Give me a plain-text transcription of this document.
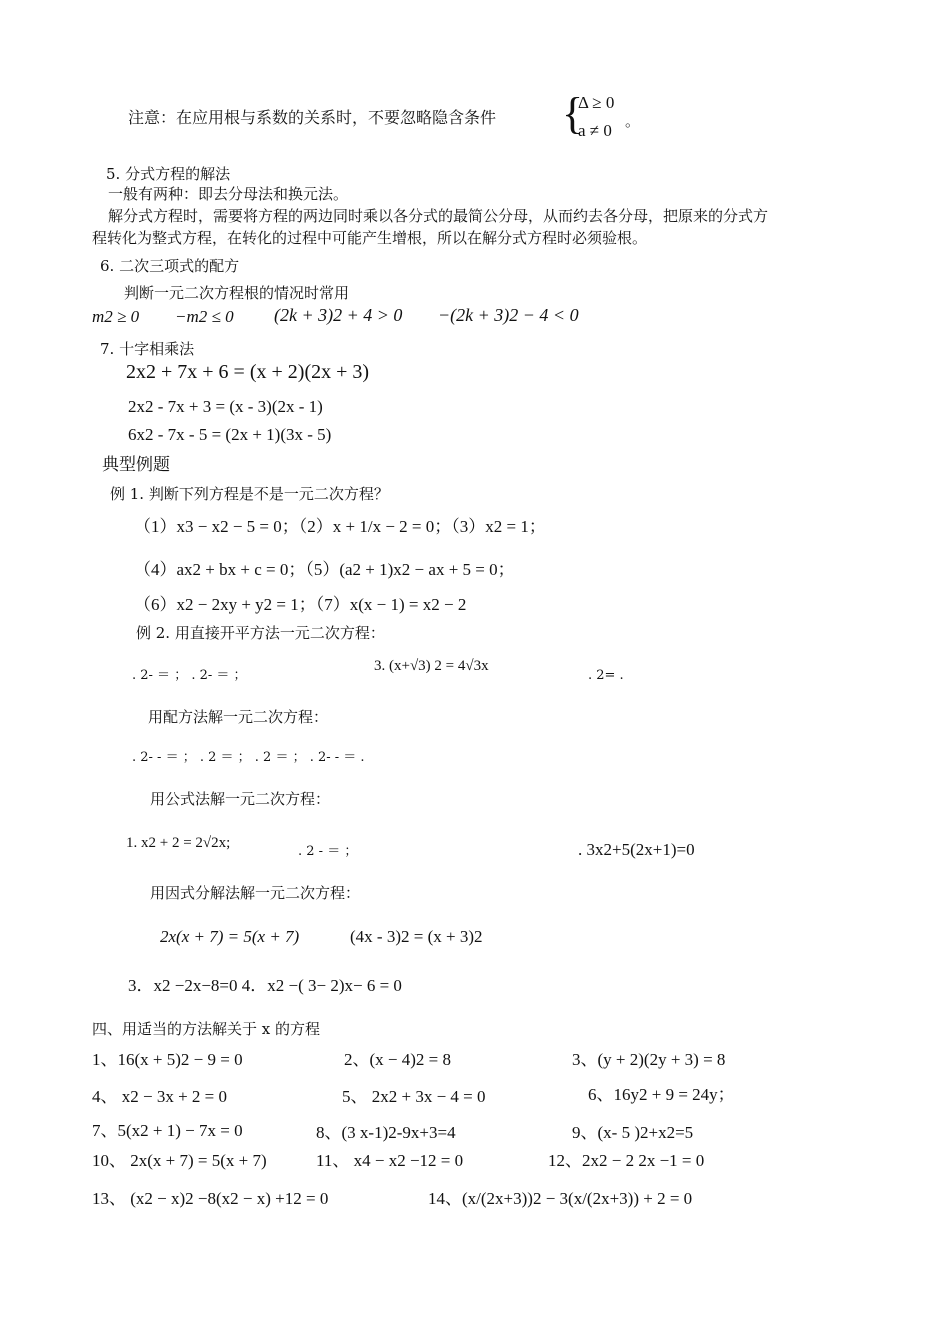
注意：在应用根与系数的关系时，不要忽略隐含条件 {
Δ ≥ 0
a ≠ 0 。
5. 分式方程的解法
一般有两种：即去分母法和换元法。
解分式方程时，需要将方程的两边同时乘以各分式的最简公分母，从而约去各分母，把原来的分式方
程转化为整式方程，在转化的过程中可能产生增根，所以在解分式方程时必须验根。
6. 二次三项式的配方
判断一元二次方程根的情况时常用
m2 ≥ 0 −m2 ≤ 0 (2k + 3)2 + 4 > 0 −(2k + 3)2 − 4 < 0
7. 十字相乘法
2x2 + 7x + 6 = (x + 2)(2x + 3)
2x2 - 7x + 3 = (x - 3)(2x - 1)
6x2 - 7x - 5 = (2x + 1)(3x - 5)
典型例题
例 1. 判断下列方程是不是一元二次方程？
（1）x3 − x2 − 5 = 0；（2）x + 1/x − 2 = 0；（3）x2 = 1；
（4）ax2 + bx + c = 0；（5）(a2 + 1)x2 − ax + 5 = 0；
（6）x2 − 2xy + y2 = 1；（7）x(x − 1) = x2 − 2
例 2. 用直接开平方法一元二次方程：
. 2- ＝ ； . 2- ＝ ；
3. (x+√3) 2 = 4√3x
. 2= .
用配方法解一元二次方程：
. 2- - ＝ ； . 2 ＝ ； . 2 ＝ ； . 2- - ＝ .
用公式法解一元二次方程：
1. x2 + 2 = 2√2x;
. 2 - ＝ ；	. 3x2+5(2x+1)=0
用因式分解法解一元二次方程：
2x(x + 7) = 5(x + 7)	(4x - 3)2 = (x + 3)2
3．x2 −2x−8=0 4．x2 −( 3− 2)x− 6 = 0
四、用适当的方法解关于 x 的方程
1、16(x + 5)2 − 9 = 0	2、(x − 4)2 = 8	3、(y + 2)(2y + 3) = 8
4、 x2 − 3x + 2 = 0	5、 2x2 + 3x − 4 = 0	6、16y2 + 9 = 24y；
7、5(x2 + 1) − 7x = 0	8、(3 x-1)2-9x+3=4	9、(x- 5 )2+x2=5
10、 2x(x + 7) = 5(x + 7)	11、 x4 − x2 −12 = 0	12、2x2 − 2 2x −1 = 0
13、 (x2 − x)2 −8(x2 − x) +12 = 0	14、(x/(2x+3))2 − 3(x/(2x+3)) + 2 = 0
